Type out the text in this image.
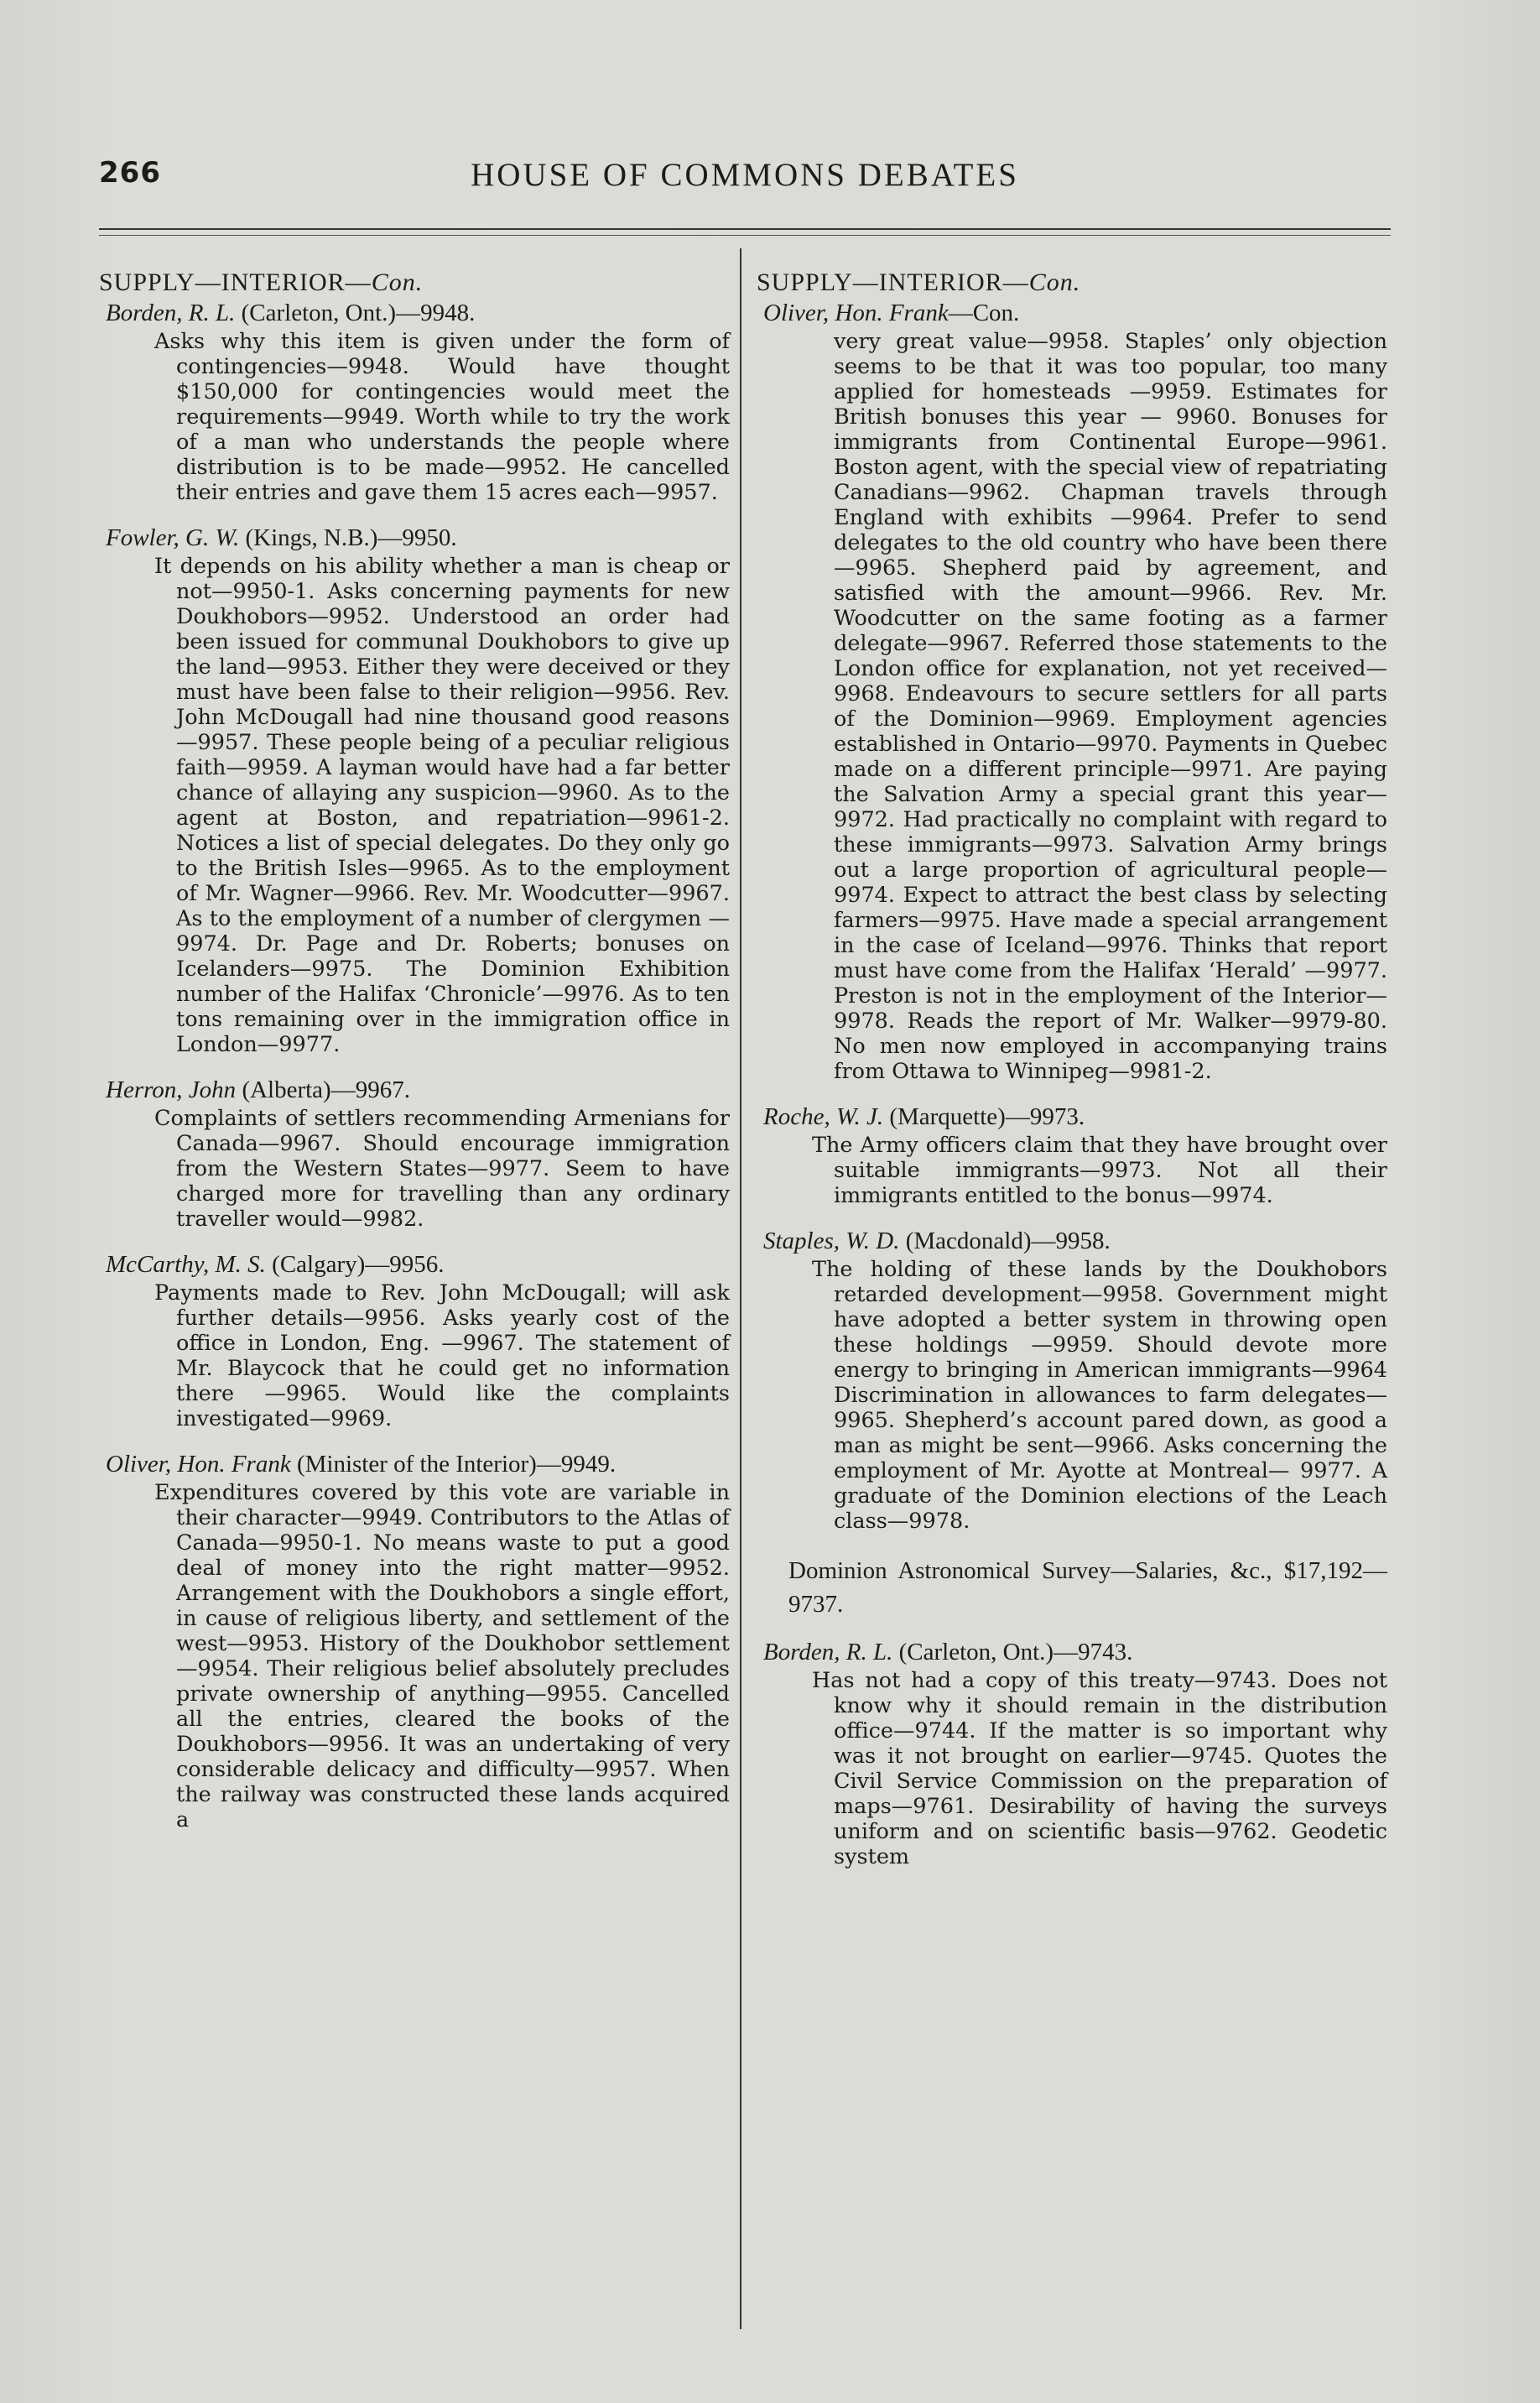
266	HOUSE OF COMMONS DEBATES
SUPPLY—INTERIOR—Con.
Borden, R. L. (Carleton, Ont.)—9948.
Asks why this item is given under the form of contingencies—9948. Would have thought $150,000 for contingencies would meet the requirements—9949. Worth while to try the work of a man who understands the people where distribution is to be made—9952. He cancelled their entries and gave them 15 acres each—9957.
Fowler, G. W. (Kings, N.B.)—9950.
It depends on his ability whether a man is cheap or not—9950-1. Asks concerning payments for new Doukhobors—9952. Understood an order had been issued for communal Doukhobors to give up the land—9953. Either they were deceived or they must have been false to their religion—9956. Rev. John McDougall had nine thousand good reasons —9957. These people being of a peculiar religious faith—9959. A layman would have had a far better chance of allaying any suspicion—9960. As to the agent at Boston, and repatriation—9961-2. Notices a list of special delegates. Do they only go to the British Isles—9965. As to the employment of Mr. Wagner—9966. Rev. Mr. Woodcutter—9967. As to the employment of a number of clergymen —9974. Dr. Page and Dr. Roberts; bonuses on Icelanders—9975. The Dominion Exhibition number of the Halifax ‘Chronicle’—9976. As to ten tons remaining over in the immigration office in London—9977.
Herron, John (Alberta)—9967.
Complaints of settlers recommending Armenians for Canada—9967. Should encourage immigration from the Western States—9977. Seem to have charged more for travelling than any ordinary traveller would—9982.
McCarthy, M. S. (Calgary)—9956.
Payments made to Rev. John McDougall; will ask further details—9956. Asks yearly cost of the office in London, Eng. —9967. The statement of Mr. Blaycock that he could get no information there —9965. Would like the complaints investigated—9969.
Oliver, Hon. Frank (Minister of the Interior)—9949.
Expenditures covered by this vote are variable in their character—9949. Contributors to the Atlas of Canada—9950-1. No means waste to put a good deal of money into the right matter—9952. Arrangement with the Doukhobors a single effort, in cause of religious liberty, and settlement of the west—9953. History of the Doukhobor settlement—9954. Their religious belief absolutely precludes private ownership of anything—9955. Cancelled all the entries, cleared the books of the Doukhobors—9956. It was an undertaking of very considerable delicacy and difficulty—9957. When the railway was constructed these lands acquired a
SUPPLY—INTERIOR—Con.
Oliver, Hon. Frank—Con.
very great value—9958. Staples’ only objection seems to be that it was too popular, too many applied for homesteads —9959. Estimates for British bonuses this year — 9960. Bonuses for immigrants from Continental Europe—9961. Boston agent, with the special view of repatriating Canadians—9962. Chapman travels through England with exhibits —9964. Prefer to send delegates to the old country who have been there—9965. Shepherd paid by agreement, and satisfied with the amount—9966. Rev. Mr. Woodcutter on the same footing as a farmer delegate—9967. Referred those statements to the London office for explanation, not yet received—9968. Endeavours to secure settlers for all parts of the Dominion—9969. Employment agencies established in Ontario—9970. Payments in Quebec made on a different principle—9971. Are paying the Salvation Army a special grant this year— 9972. Had practically no complaint with regard to these immigrants—9973. Salvation Army brings out a large proportion of agricultural people—9974. Expect to attract the best class by selecting farmers—9975. Have made a special arrangement in the case of Iceland—9976. Thinks that report must have come from the Halifax ‘Herald’ —9977. Preston is not in the employment of the Interior—9978. Reads the report of Mr. Walker—9979-80. No men now employed in accompanying trains from Ottawa to Winnipeg—9981-2.
Roche, W. J. (Marquette)—9973.
The Army officers claim that they have brought over suitable immigrants—9973. Not all their immigrants entitled to the bonus—9974.
Staples, W. D. (Macdonald)—9958.
The holding of these lands by the Doukhobors retarded development—9958. Government might have adopted a better system in throwing open these holdings —9959. Should devote more energy to bringing in American immigrants—9964 Discrimination in allowances to farm delegates—9965. Shepherd’s account pared down, as good a man as might be sent—9966. Asks concerning the employment of Mr. Ayotte at Montreal— 9977. A graduate of the Dominion elections of the Leach class—9978.
Dominion Astronomical Survey—Salaries, &c., $17,192—9737.
Borden, R. L. (Carleton, Ont.)—9743.
Has not had a copy of this treaty—9743. Does not know why it should remain in the distribution office—9744. If the matter is so important why was it not brought on earlier—9745. Quotes the Civil Service Commission on the preparation of maps—9761. Desirability of having the surveys uniform and on scientific basis—9762. Geodetic system
